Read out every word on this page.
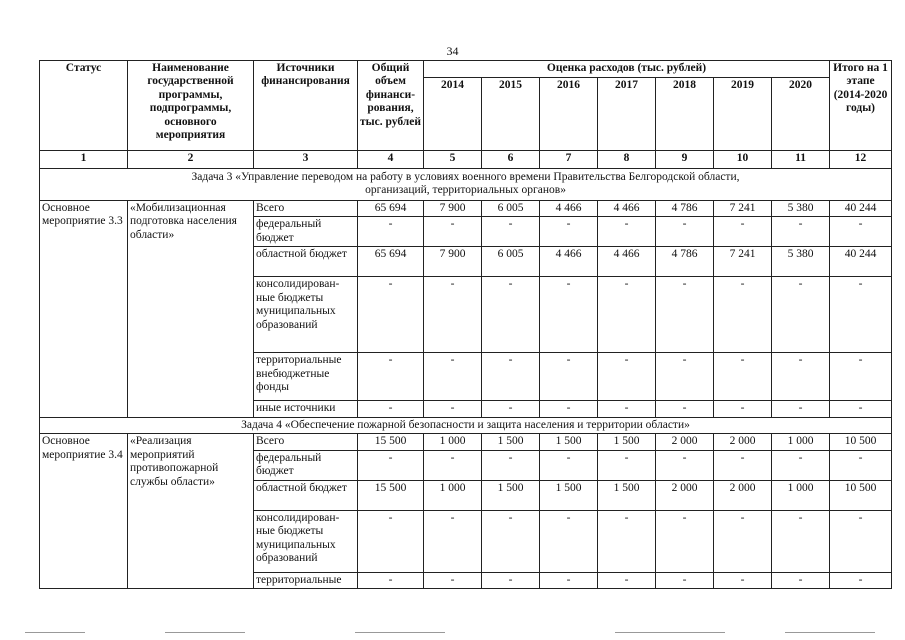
34
Статус	Наименование государственной программы, подпрограммы, основного мероприятия	Источники финансирования	Общий объем финанси-рования, тыс. рублей	Оценка расходов (тыс. рублей)							Итого на 1 этапе (2014-2020 годы)
				2014	2015	2016	2017	2018	2019	2020	
1	2	3	4	5	6	7	8	9	10	11	12
Задача 3 «Управление переводом на работу в условиях военного времени Правительства Белгородской области, организаций, территориальных органов»											
Основное мероприятие 3.3	«Мобилизационная подготовка населения области»	Всего	65 694	7 900	6 005	4 466	4 466	4 786	7 241	5 380	40 244
		федеральный бюджет	-	-	-	-	-	-	-	-	-
		областной бюджет	65 694	7 900	6 005	4 466	4 466	4 786	7 241	5 380	40 244
		консолидирован-ные бюджеты муниципальных образований	-	-	-	-	-	-	-	-	-
		территориальные внебюджетные фонды	-	-	-	-	-	-	-	-	-
		иные источники	-	-	-	-	-	-	-	-	-
Задача 4 «Обеспечение пожарной безопасности и защита населения и территории области»											
Основное мероприятие 3.4	«Реализация мероприятий противопожарной службы области»	Всего	15 500	1 000	1 500	1 500	1 500	2 000	2 000	1 000	10 500
		федеральный бюджет	-	-	-	-	-	-	-	-	-
		областной бюджет	15 500	1 000	1 500	1 500	1 500	2 000	2 000	1 000	10 500
		консолидирован-ные бюджеты муниципальных образований	-	-	-	-	-	-	-	-	-
		территориальные	-	-	-	-	-	-	-	-	-
